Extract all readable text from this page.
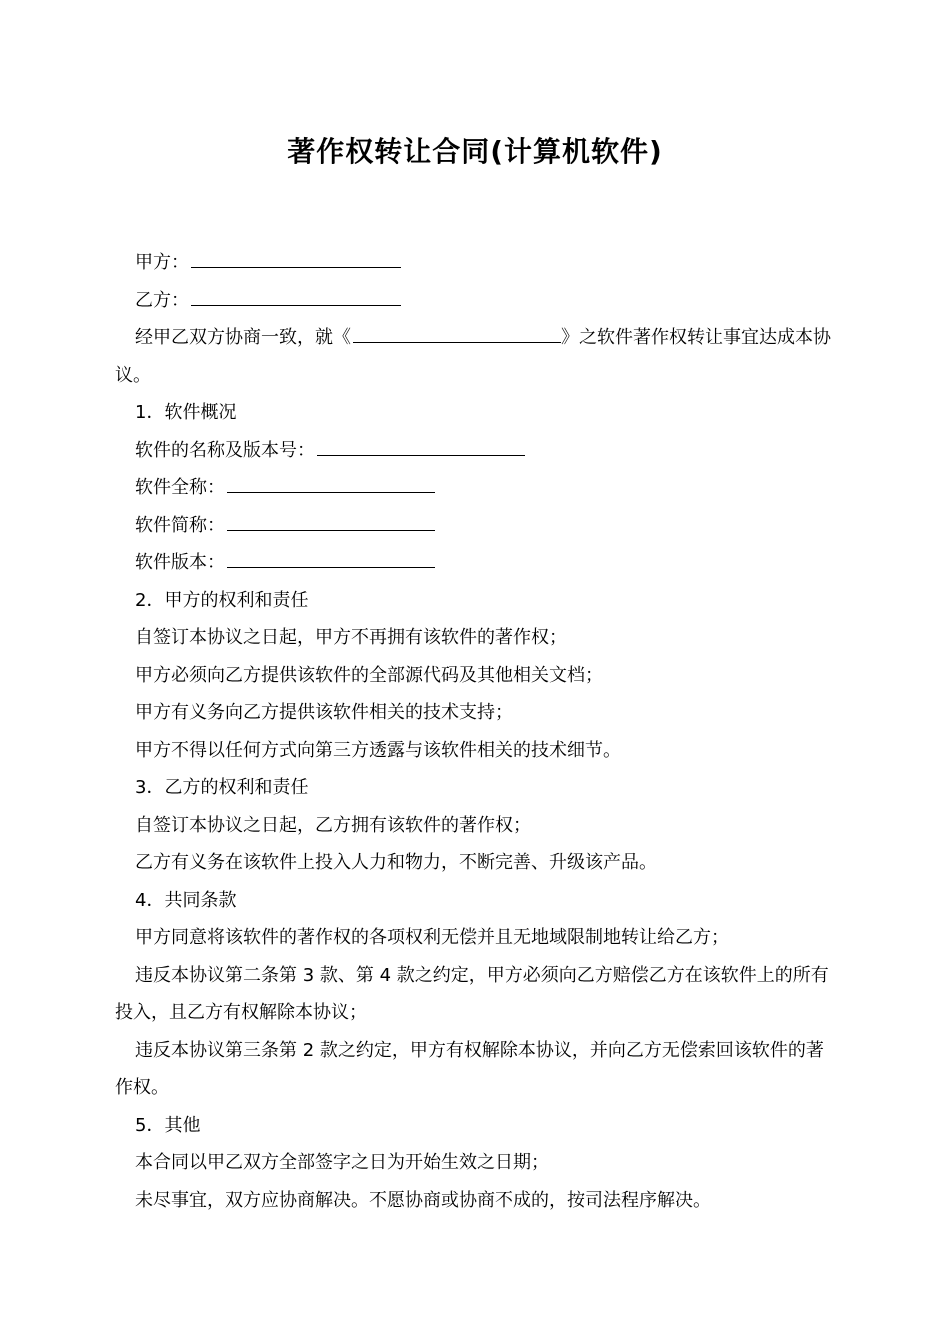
著作权转让合同(计算机软件)

甲方：

乙方：

经甲乙双方协商一致，就《	》之软件著作权转让事宜达成本协议。

1．软件概况

软件的名称及版本号：

软件全称：

软件简称：

软件版本：

2．甲方的权利和责任

自签订本协议之日起，甲方不再拥有该软件的著作权；

甲方必须向乙方提供该软件的全部源代码及其他相关文档；

甲方有义务向乙方提供该软件相关的技术支持；

甲方不得以任何方式向第三方透露与该软件相关的技术细节。

3．乙方的权利和责任

自签订本协议之日起，乙方拥有该软件的著作权；

乙方有义务在该软件上投入人力和物力，不断完善、升级该产品。

4．共同条款

甲方同意将该软件的著作权的各项权利无偿并且无地域限制地转让给乙方；

违反本协议第二条第 3 款、第 4 款之约定，甲方必须向乙方赔偿乙方在该软件上的所有投入，且乙方有权解除本协议；

违反本协议第三条第 2 款之约定，甲方有权解除本协议，并向乙方无偿索回该软件的著作权。

5．其他

本合同以甲乙双方全部签字之日为开始生效之日期；

未尽事宜，双方应协商解决。不愿协商或协商不成的，按司法程序解决。
